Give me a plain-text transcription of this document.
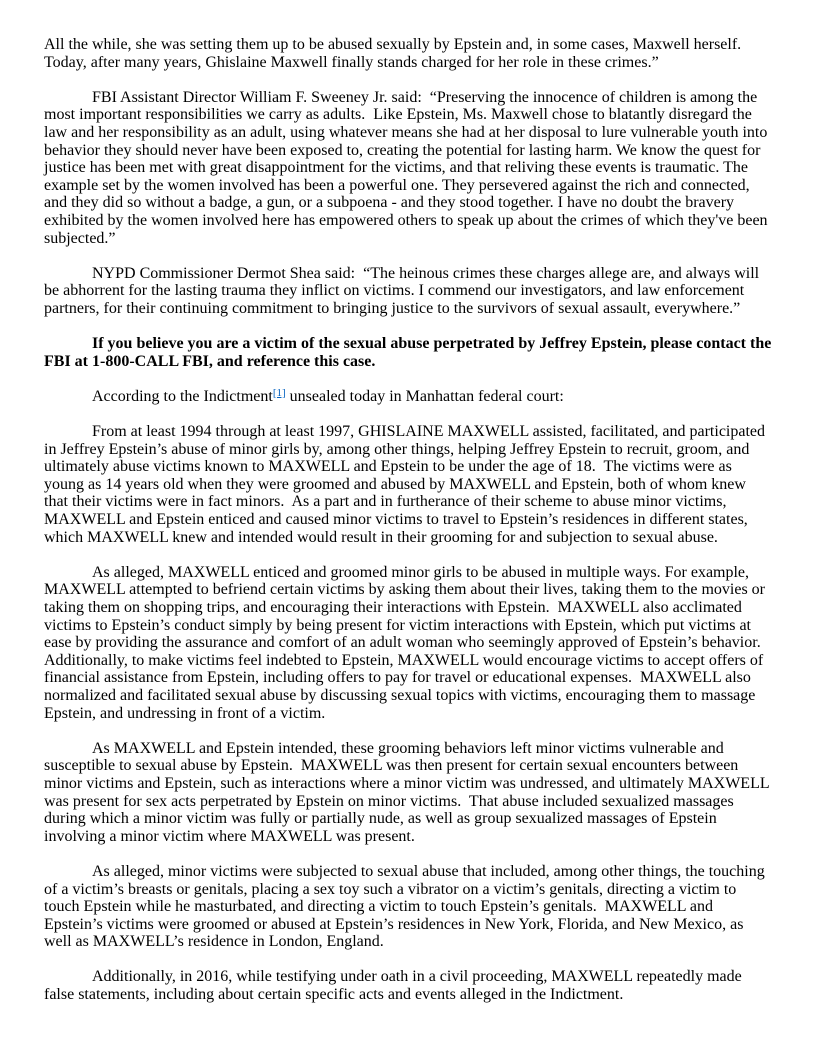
All the while, she was setting them up to be abused sexually by Epstein and, in some cases, Maxwell herself. Today, after many years, Ghislaine Maxwell finally stands charged for her role in these crimes.”

FBI Assistant Director William F. Sweeney Jr. said:  “Preserving the innocence of children is among the most important responsibilities we carry as adults.  Like Epstein, Ms. Maxwell chose to blatantly disregard the law and her responsibility as an adult, using whatever means she had at her disposal to lure vulnerable youth into behavior they should never have been exposed to, creating the potential for lasting harm. We know the quest for justice has been met with great disappointment for the victims, and that reliving these events is traumatic. The example set by the women involved has been a powerful one. They persevered against the rich and connected, and they did so without a badge, a gun, or a subpoena - and they stood together. I have no doubt the bravery exhibited by the women involved here has empowered others to speak up about the crimes of which they've been subjected.”

NYPD Commissioner Dermot Shea said:  “The heinous crimes these charges allege are, and always will be abhorrent for the lasting trauma they inflict on victims. I commend our investigators, and law enforcement partners, for their continuing commitment to bringing justice to the survivors of sexual assault, everywhere.”

If you believe you are a victim of the sexual abuse perpetrated by Jeffrey Epstein, please contact the FBI at 1-800-CALL FBI, and reference this case.

According to the Indictment[1] unsealed today in Manhattan federal court:

From at least 1994 through at least 1997, GHISLAINE MAXWELL assisted, facilitated, and participated in Jeffrey Epstein’s abuse of minor girls by, among other things, helping Jeffrey Epstein to recruit, groom, and ultimately abuse victims known to MAXWELL and Epstein to be under the age of 18.  The victims were as young as 14 years old when they were groomed and abused by MAXWELL and Epstein, both of whom knew that their victims were in fact minors.  As a part and in furtherance of their scheme to abuse minor victims, MAXWELL and Epstein enticed and caused minor victims to travel to Epstein’s residences in different states, which MAXWELL knew and intended would result in their grooming for and subjection to sexual abuse.

As alleged, MAXWELL enticed and groomed minor girls to be abused in multiple ways. For example, MAXWELL attempted to befriend certain victims by asking them about their lives, taking them to the movies or taking them on shopping trips, and encouraging their interactions with Epstein.  MAXWELL also acclimated victims to Epstein’s conduct simply by being present for victim interactions with Epstein, which put victims at ease by providing the assurance and comfort of an adult woman who seemingly approved of Epstein’s behavior. Additionally, to make victims feel indebted to Epstein, MAXWELL would encourage victims to accept offers of financial assistance from Epstein, including offers to pay for travel or educational expenses.  MAXWELL also normalized and facilitated sexual abuse by discussing sexual topics with victims, encouraging them to massage Epstein, and undressing in front of a victim.

As MAXWELL and Epstein intended, these grooming behaviors left minor victims vulnerable and susceptible to sexual abuse by Epstein.  MAXWELL was then present for certain sexual encounters between minor victims and Epstein, such as interactions where a minor victim was undressed, and ultimately MAXWELL was present for sex acts perpetrated by Epstein on minor victims.  That abuse included sexualized massages during which a minor victim was fully or partially nude, as well as group sexualized massages of Epstein involving a minor victim where MAXWELL was present.

As alleged, minor victims were subjected to sexual abuse that included, among other things, the touching of a victim’s breasts or genitals, placing a sex toy such a vibrator on a victim’s genitals, directing a victim to touch Epstein while he masturbated, and directing a victim to touch Epstein’s genitals.  MAXWELL and Epstein’s victims were groomed or abused at Epstein’s residences in New York, Florida, and New Mexico, as well as MAXWELL’s residence in London, England.

Additionally, in 2016, while testifying under oath in a civil proceeding, MAXWELL repeatedly made false statements, including about certain specific acts and events alleged in the Indictment.
